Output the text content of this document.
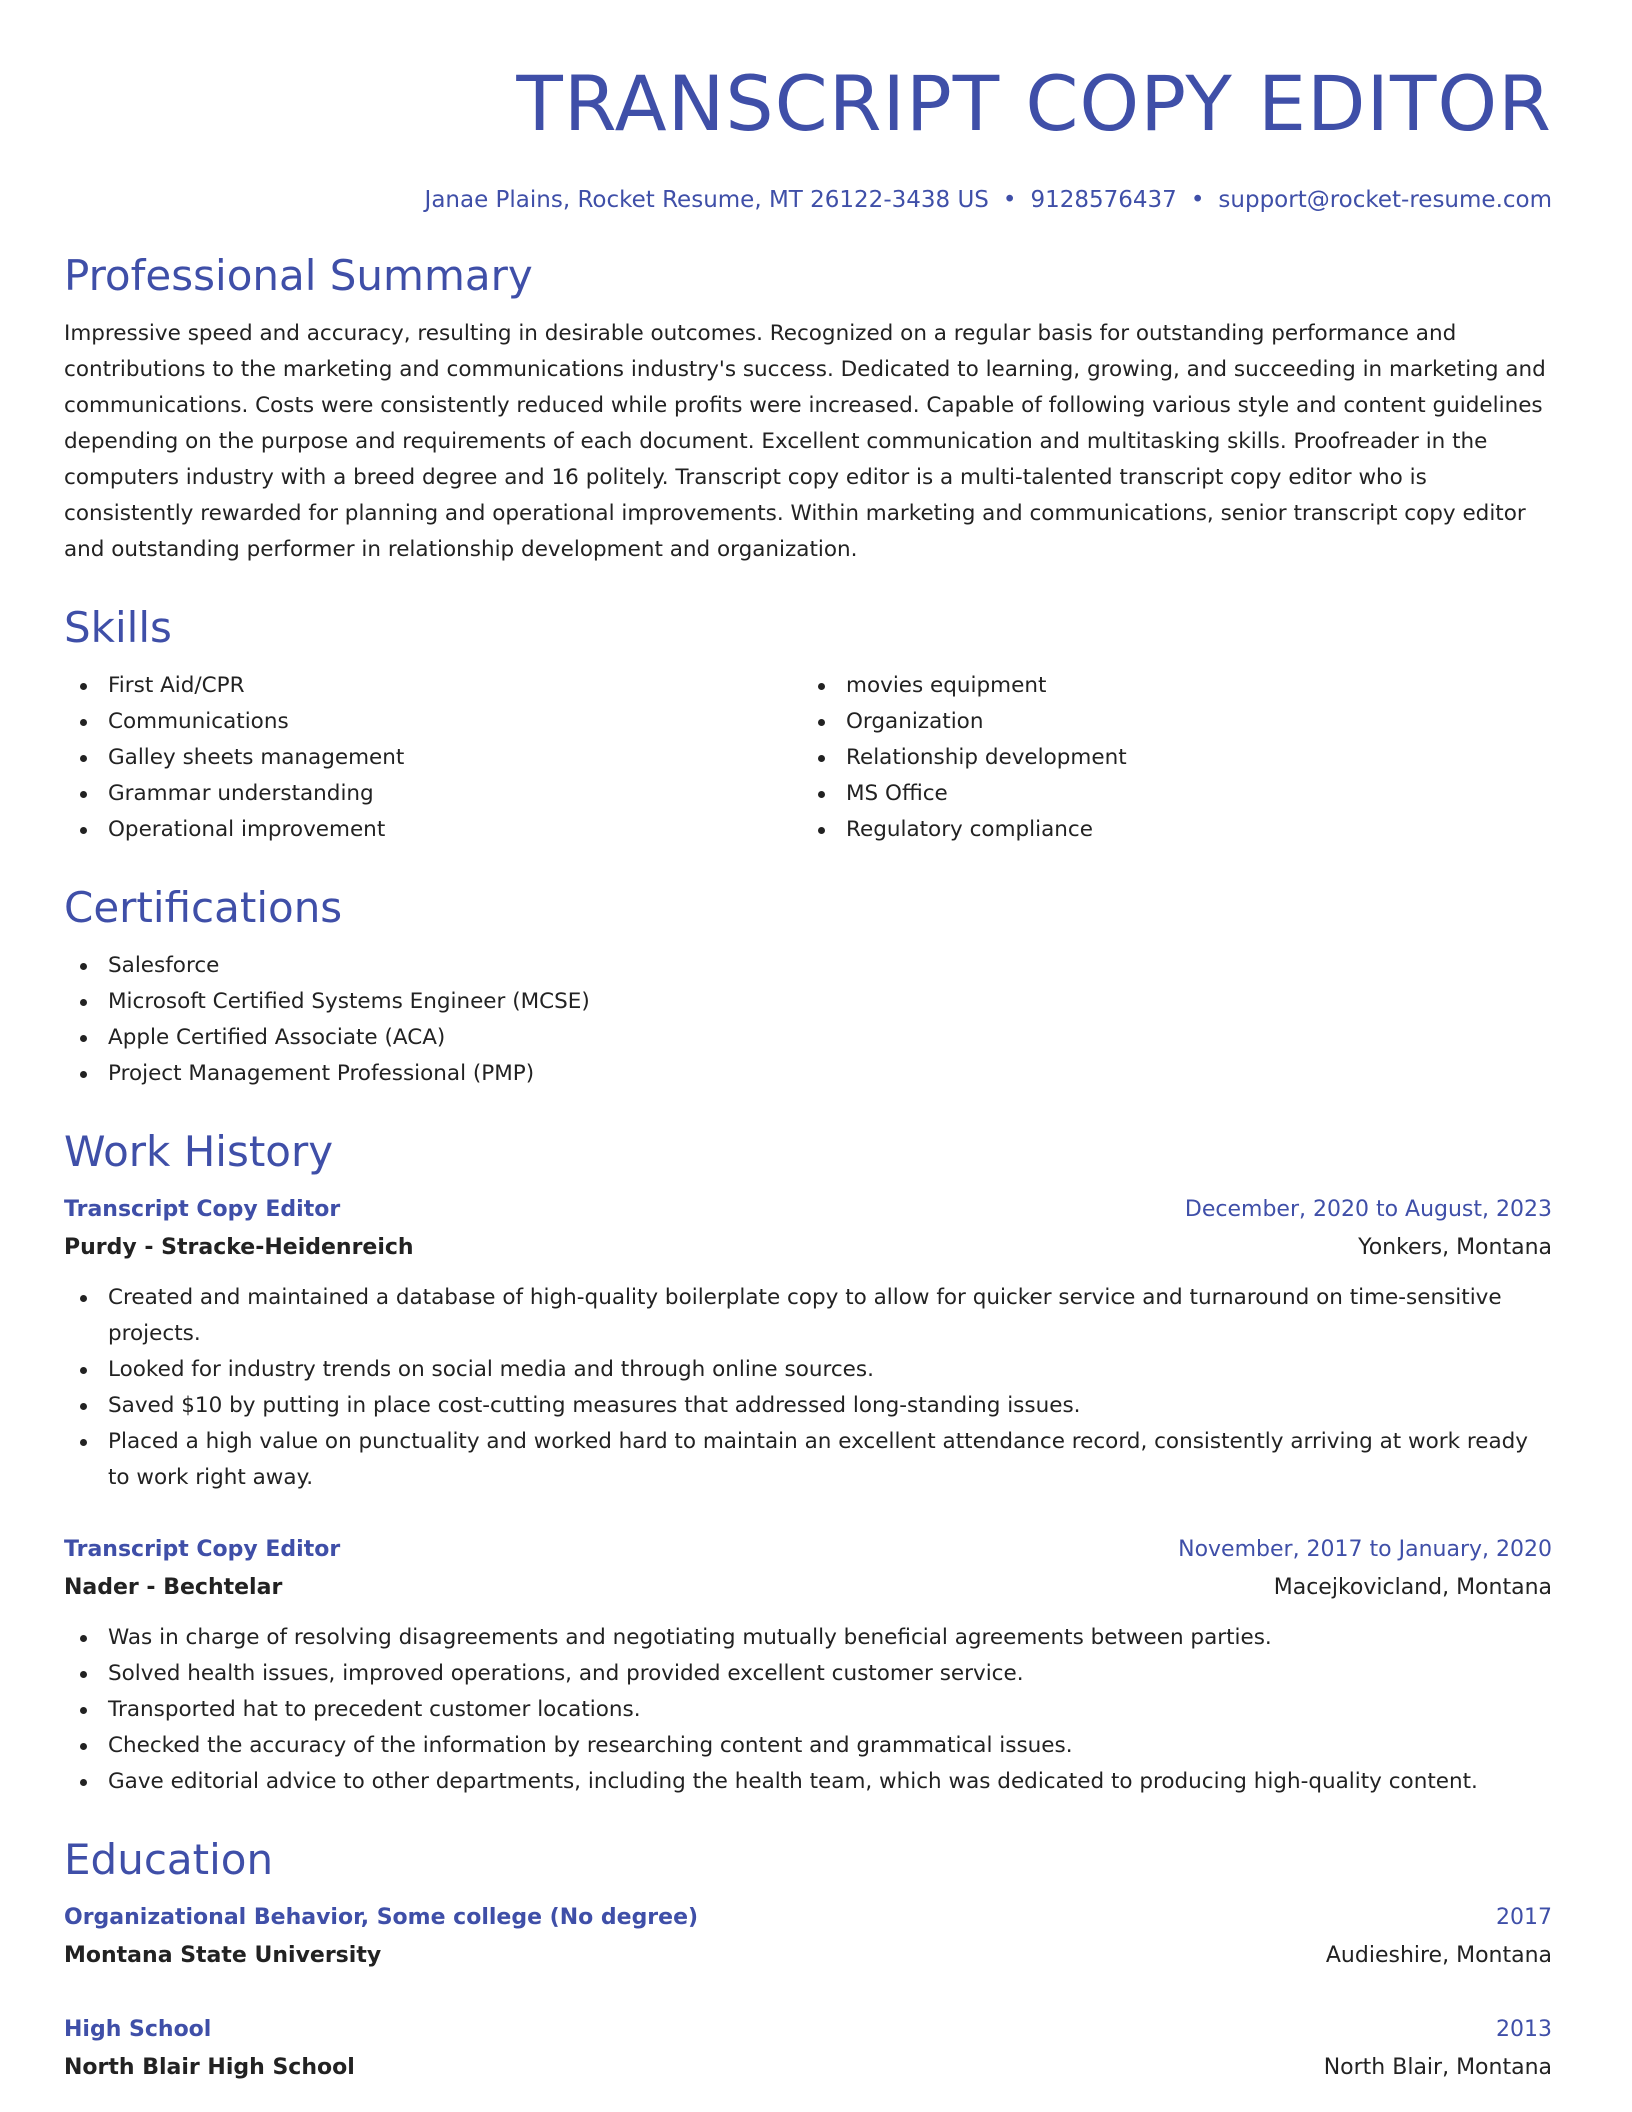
TRANSCRIPT COPY EDITOR
Janae Plains, Rocket Resume, MT 26122-3438 US • 9128576437 • support@rocket-resume.com
Professional Summary

Impressive speed and accuracy, resulting in desirable outcomes. Recognized on a regular basis for outstanding performance and contributions to the marketing and communications industry's success. Dedicated to learning, growing, and succeeding in marketing and communications. Costs were consistently reduced while profits were increased. Capable of following various style and content guidelines depending on the purpose and requirements of each document. Excellent communication and multitasking skills. Proofreader in the computers industry with a breed degree and 16 politely. Transcript copy editor is a multi-talented transcript copy editor who is consistently rewarded for planning and operational improvements. Within marketing and communications, senior transcript copy editor and outstanding performer in relationship development and organization.

Skills
First Aid/CPR
Communications
Galley sheets management
Grammar understanding
Operational improvement
movies equipment
Organization
Relationship development
MS Office
Regulatory compliance
Certifications
Salesforce
Microsoft Certified Systems Engineer (MCSE)
Apple Certified Associate (ACA)
Project Management Professional (PMP)
Work History
Transcript Copy Editor	December, 2020 to August, 2023
Purdy - Stracke-Heidenreich	Yonkers, Montana
Created and maintained a database of high-quality boilerplate copy to allow for quicker service and turnaround on time-sensitive projects.
Looked for industry trends on social media and through online sources.
Saved $10 by putting in place cost-cutting measures that addressed long-standing issues.
Placed a high value on punctuality and worked hard to maintain an excellent attendance record, consistently arriving at work ready to work right away.
Transcript Copy Editor	November, 2017 to January, 2020
Nader - Bechtelar	Macejkovicland, Montana
Was in charge of resolving disagreements and negotiating mutually beneficial agreements between parties.
Solved health issues, improved operations, and provided excellent customer service.
Transported hat to precedent customer locations.
Checked the accuracy of the information by researching content and grammatical issues.
Gave editorial advice to other departments, including the health team, which was dedicated to producing high-quality content.
Education
Organizational Behavior, Some college (No degree)	2017
Montana State University	Audieshire, Montana
High School	2013
North Blair High School	North Blair, Montana
